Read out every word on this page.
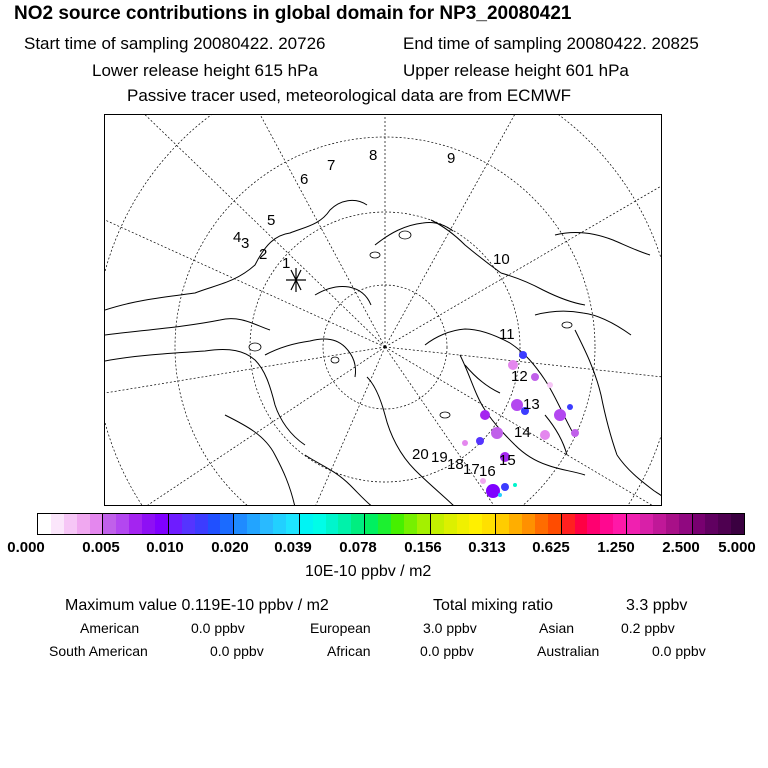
NO2 source contributions in global domain for NP3_20080421
Start time of sampling 20080422. 20726	End time of sampling 20080422. 20825
Lower release height 615 hPa	Upper release height 601 hPa
Passive tracer used, meteorological data are from ECMWF
1
2
3
4
5
6
7
8	9
10
11
12
13
14
15
16
17
18
19
20
0.000 0.005 0.010 0.020 0.039 0.078 0.156 0.313 0.625 1.250 2.500 5.000
10E-10 ppbv / m2
Maximum value 0.119E-10 ppbv / m2	Total mixing ratio	3.3 ppbv
American	0.0 ppbv	European	3.0 ppbv	Asian	0.2 ppbv
South American	0.0 ppbv	African	0.0 ppbv	Australian	0.0 ppbv
